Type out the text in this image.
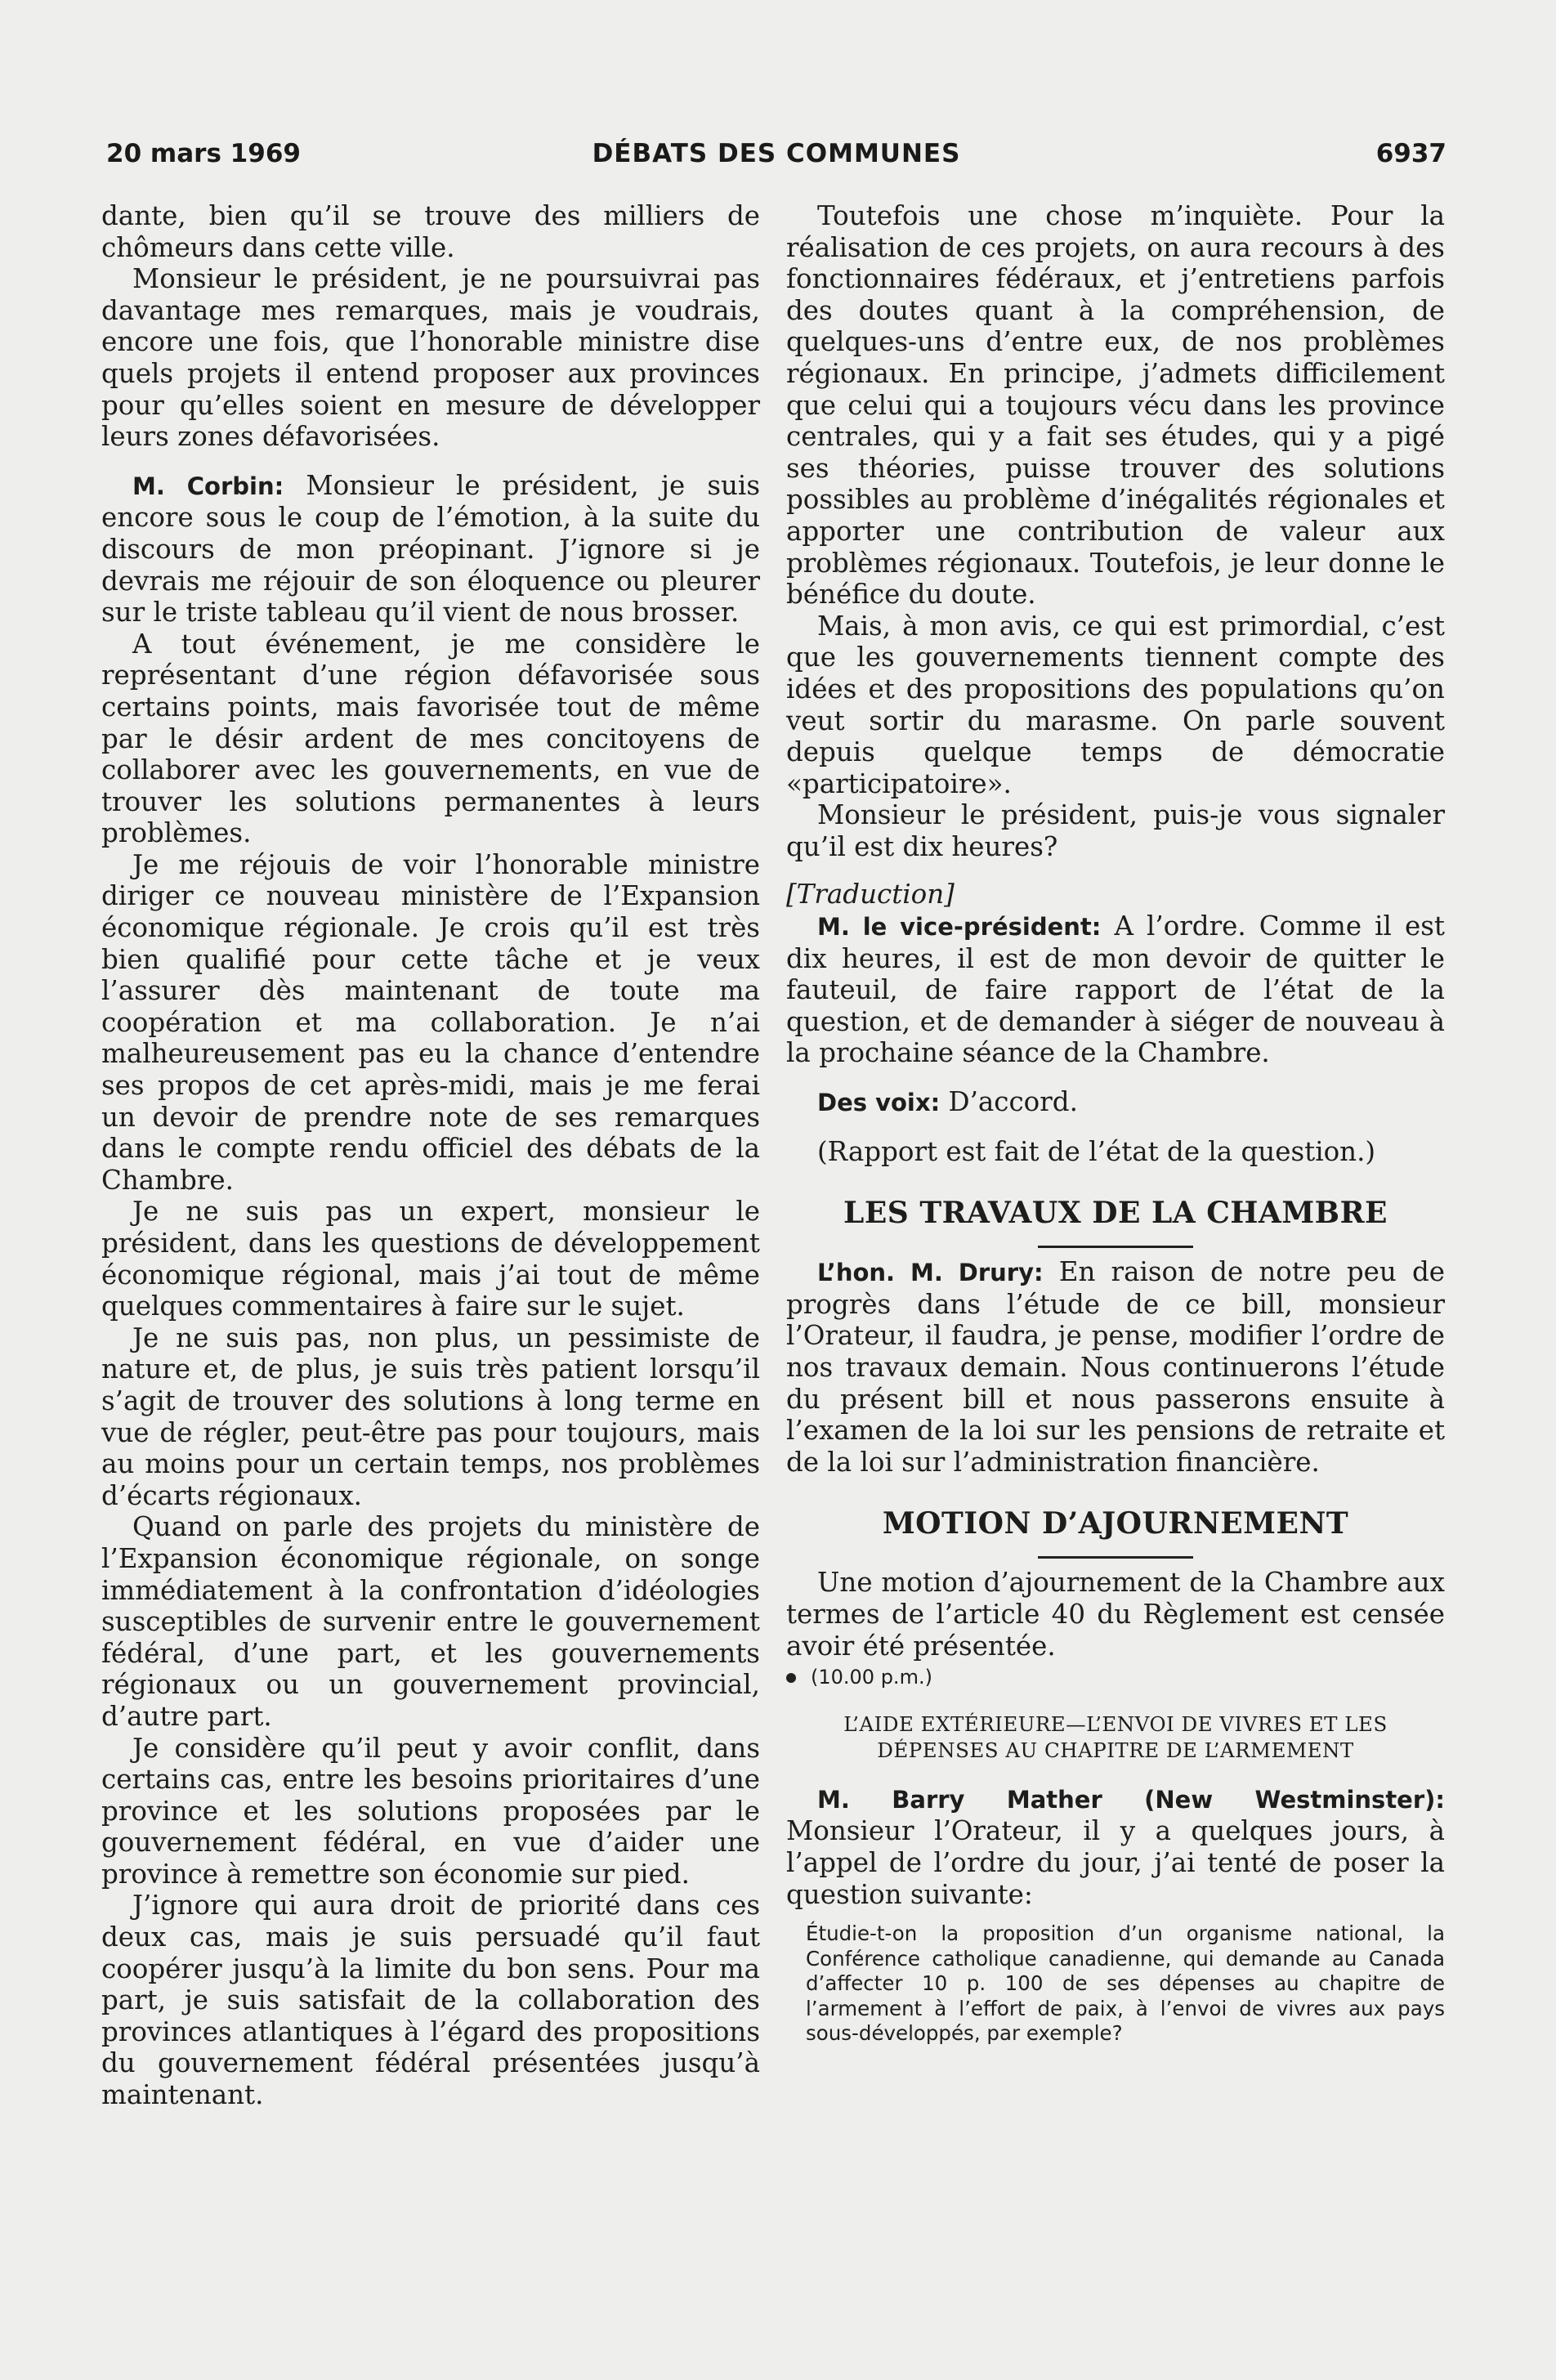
20 mars 1969	DÉBATS DES COMMUNES	6937

dante, bien qu’il se trouve des milliers de chômeurs dans cette ville.

Monsieur le président, je ne poursuivrai pas davantage mes remarques, mais je voudrais, encore une fois, que l’honorable ministre dise quels projets il entend proposer aux provinces pour qu’elles soient en mesure de développer leurs zones défavorisées.

M. Corbin: Monsieur le président, je suis encore sous le coup de l’émotion, à la suite du discours de mon préopinant. J’ignore si je devrais me réjouir de son éloquence ou pleurer sur le triste tableau qu’il vient de nous brosser.

A tout événement, je me considère le représentant d’une région défavorisée sous certains points, mais favorisée tout de même par le désir ardent de mes concitoyens de collaborer avec les gouvernements, en vue de trouver les solutions permanentes à leurs problèmes.

Je me réjouis de voir l’honorable ministre diriger ce nouveau ministère de l’Expansion économique régionale. Je crois qu’il est très bien qualifié pour cette tâche et je veux l’assurer dès maintenant de toute ma coopération et ma collaboration. Je n’ai malheureusement pas eu la chance d’entendre ses propos de cet après-midi, mais je me ferai un devoir de prendre note de ses remarques dans le compte rendu officiel des débats de la Chambre.

Je ne suis pas un expert, monsieur le président, dans les questions de développement économique régional, mais j’ai tout de même quelques commentaires à faire sur le sujet.

Je ne suis pas, non plus, un pessimiste de nature et, de plus, je suis très patient lorsqu’il s’agit de trouver des solutions à long terme en vue de régler, peut-être pas pour toujours, mais au moins pour un certain temps, nos problèmes d’écarts régionaux.

Quand on parle des projets du ministère de l’Expansion économique régionale, on songe immédiatement à la confrontation d’idéologies susceptibles de survenir entre le gouvernement fédéral, d’une part, et les gouvernements régionaux ou un gouvernement provincial, d’autre part.

Je considère qu’il peut y avoir conflit, dans certains cas, entre les besoins prioritaires d’une province et les solutions proposées par le gouvernement fédéral, en vue d’aider une province à remettre son économie sur pied.

J’ignore qui aura droit de priorité dans ces deux cas, mais je suis persuadé qu’il faut coopérer jusqu’à la limite du bon sens. Pour ma part, je suis satisfait de la collaboration des provinces atlantiques à l’égard des propositions du gouvernement fédéral présentées jusqu’à maintenant.

Toutefois une chose m’inquiète. Pour la réalisation de ces projets, on aura recours à des fonctionnaires fédéraux, et j’entretiens parfois des doutes quant à la compréhension, de quelques-uns d’entre eux, de nos problèmes régionaux. En principe, j’admets difficilement que celui qui a toujours vécu dans les province centrales, qui y a fait ses études, qui y a pigé ses théories, puisse trouver des solutions possibles au problème d’inégalités régionales et apporter une contribution de valeur aux problèmes régionaux. Toutefois, je leur donne le bénéfice du doute.

Mais, à mon avis, ce qui est primordial, c’est que les gouvernements tiennent compte des idées et des propositions des populations qu’on veut sortir du marasme. On parle souvent depuis quelque temps de démocratie «participatoire».

Monsieur le président, puis-je vous signaler qu’il est dix heures?

[Traduction]

M. le vice-président: A l’ordre. Comme il est dix heures, il est de mon devoir de quitter le fauteuil, de faire rapport de l’état de la question, et de demander à siéger de nouveau à la prochaine séance de la Chambre.

Des voix: D’accord.

(Rapport est fait de l’état de la question.)

LES TRAVAUX DE LA CHAMBRE

L’hon. M. Drury: En raison de notre peu de progrès dans l’étude de ce bill, monsieur l’Orateur, il faudra, je pense, modifier l’ordre de nos travaux demain. Nous continuerons l’étude du présent bill et nous passerons ensuite à l’examen de la loi sur les pensions de retraite et de la loi sur l’administration financière.

MOTION D’AJOURNEMENT

Une motion d’ajournement de la Chambre aux termes de l’article 40 du Règlement est censée avoir été présentée.

(10.00 p.m.)

L’AIDE EXTÉRIEURE—L’ENVOI DE VIVRES ET LES DÉPENSES AU CHAPITRE DE L’ARMEMENT

M. Barry Mather (New Westminster): Monsieur l’Orateur, il y a quelques jours, à l’appel de l’ordre du jour, j’ai tenté de poser la question suivante:

Étudie-t-on la proposition d’un organisme national, la Conférence catholique canadienne, qui demande au Canada d’affecter 10 p. 100 de ses dépenses au chapitre de l’armement à l’effort de paix, à l’envoi de vivres aux pays sous-développés, par exemple?
